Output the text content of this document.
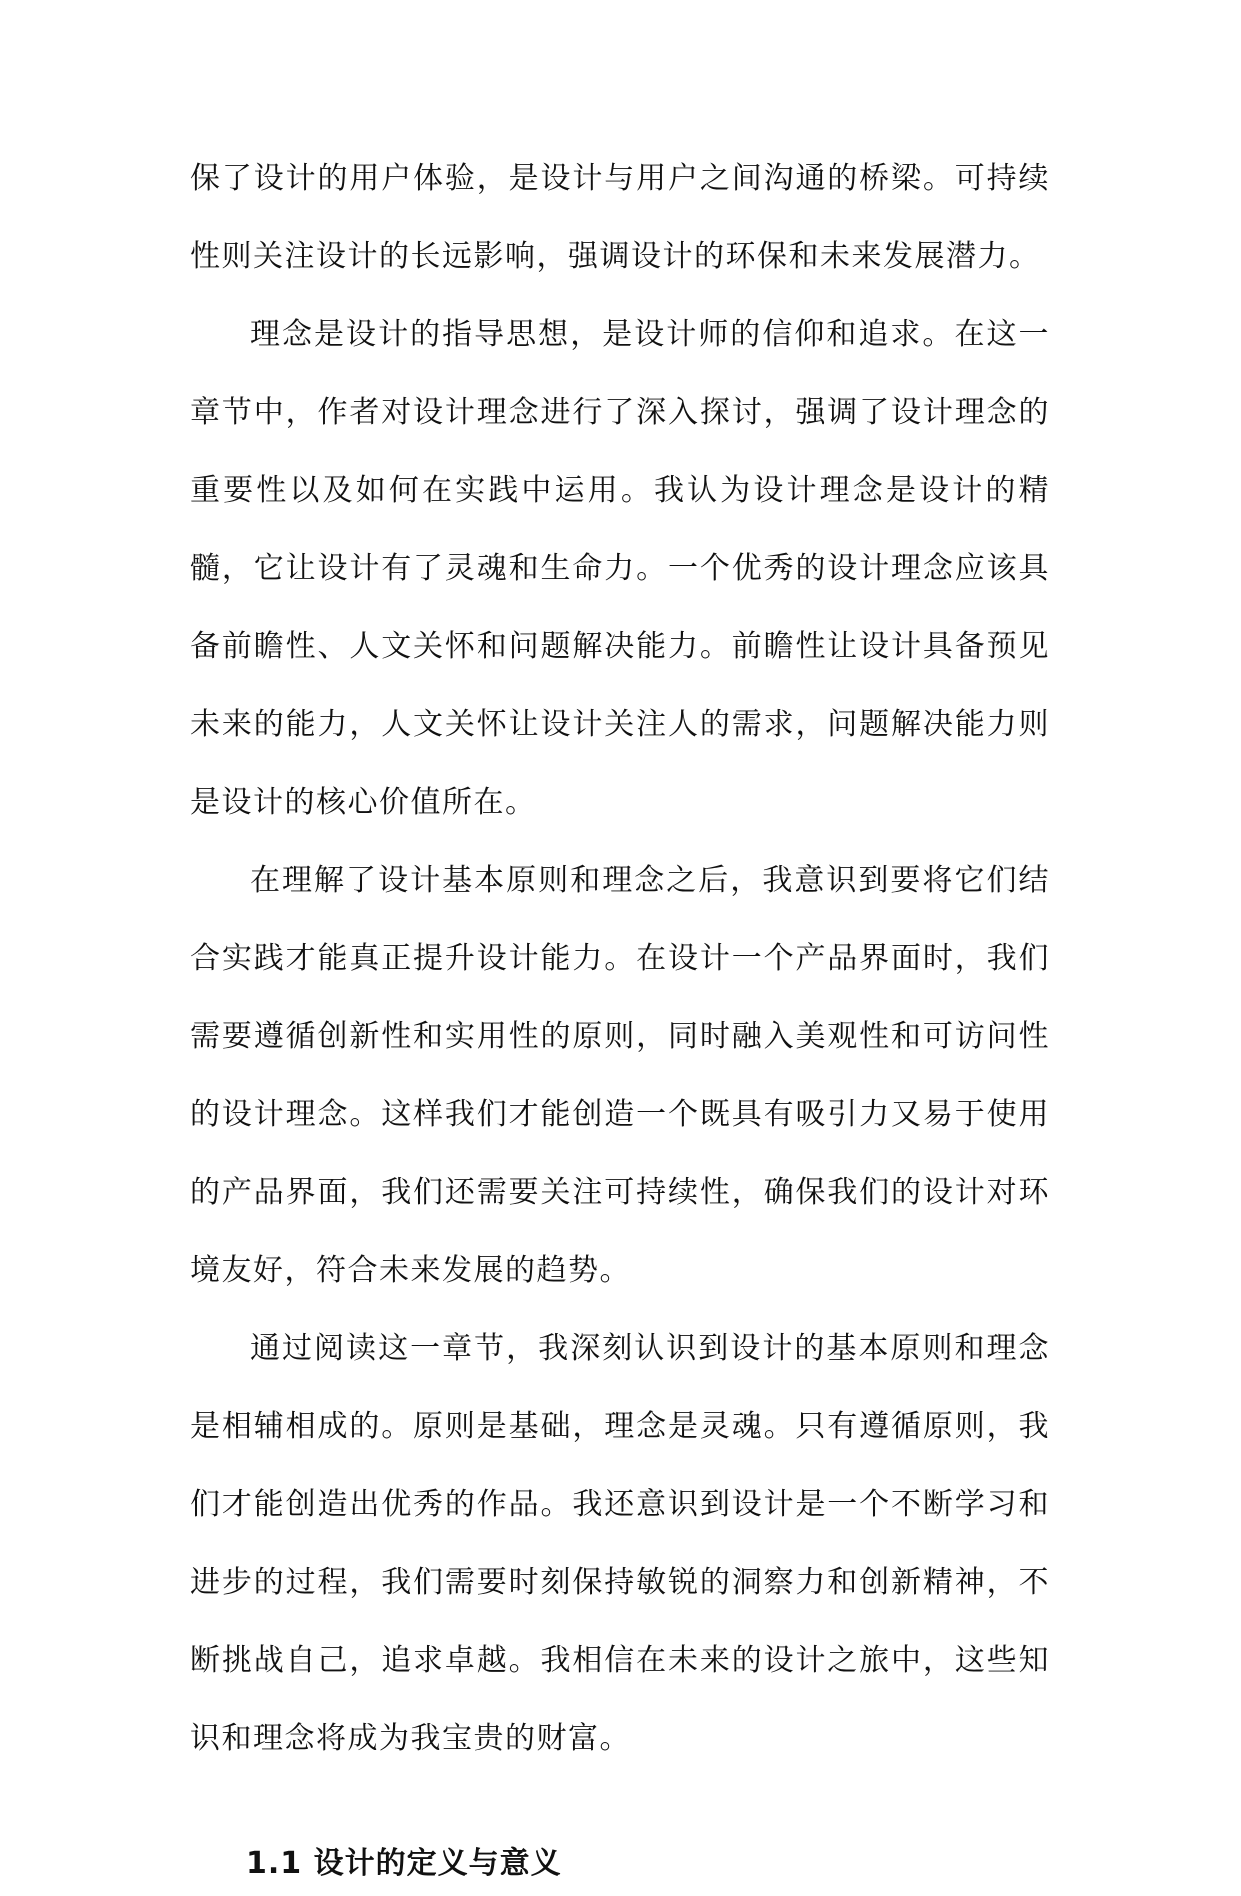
保了设计的用户体验，是设计与用户之间沟通的桥梁。可持续性则关注设计的长远影响，强调设计的环保和未来发展潜力。

理念是设计的指导思想，是设计师的信仰和追求。在这一章节中，作者对设计理念进行了深入探讨，强调了设计理念的重要性以及如何在实践中运用。我认为设计理念是设计的精髓，它让设计有了灵魂和生命力。一个优秀的设计理念应该具备前瞻性、人文关怀和问题解决能力。前瞻性让设计具备预见未来的能力，人文关怀让设计关注人的需求，问题解决能力则是设计的核心价值所在。

在理解了设计基本原则和理念之后，我意识到要将它们结合实践才能真正提升设计能力。在设计一个产品界面时，我们需要遵循创新性和实用性的原则，同时融入美观性和可访问性的设计理念。这样我们才能创造一个既具有吸引力又易于使用的产品界面，我们还需要关注可持续性，确保我们的设计对环境友好，符合未来发展的趋势。

通过阅读这一章节，我深刻认识到设计的基本原则和理念是相辅相成的。原则是基础，理念是灵魂。只有遵循原则，我们才能创造出优秀的作品。我还意识到设计是一个不断学习和进步的过程，我们需要时刻保持敏锐的洞察力和创新精神，不断挑战自己，追求卓越。我相信在未来的设计之旅中，这些知识和理念将成为我宝贵的财富。

1.1 设计的定义与意义
